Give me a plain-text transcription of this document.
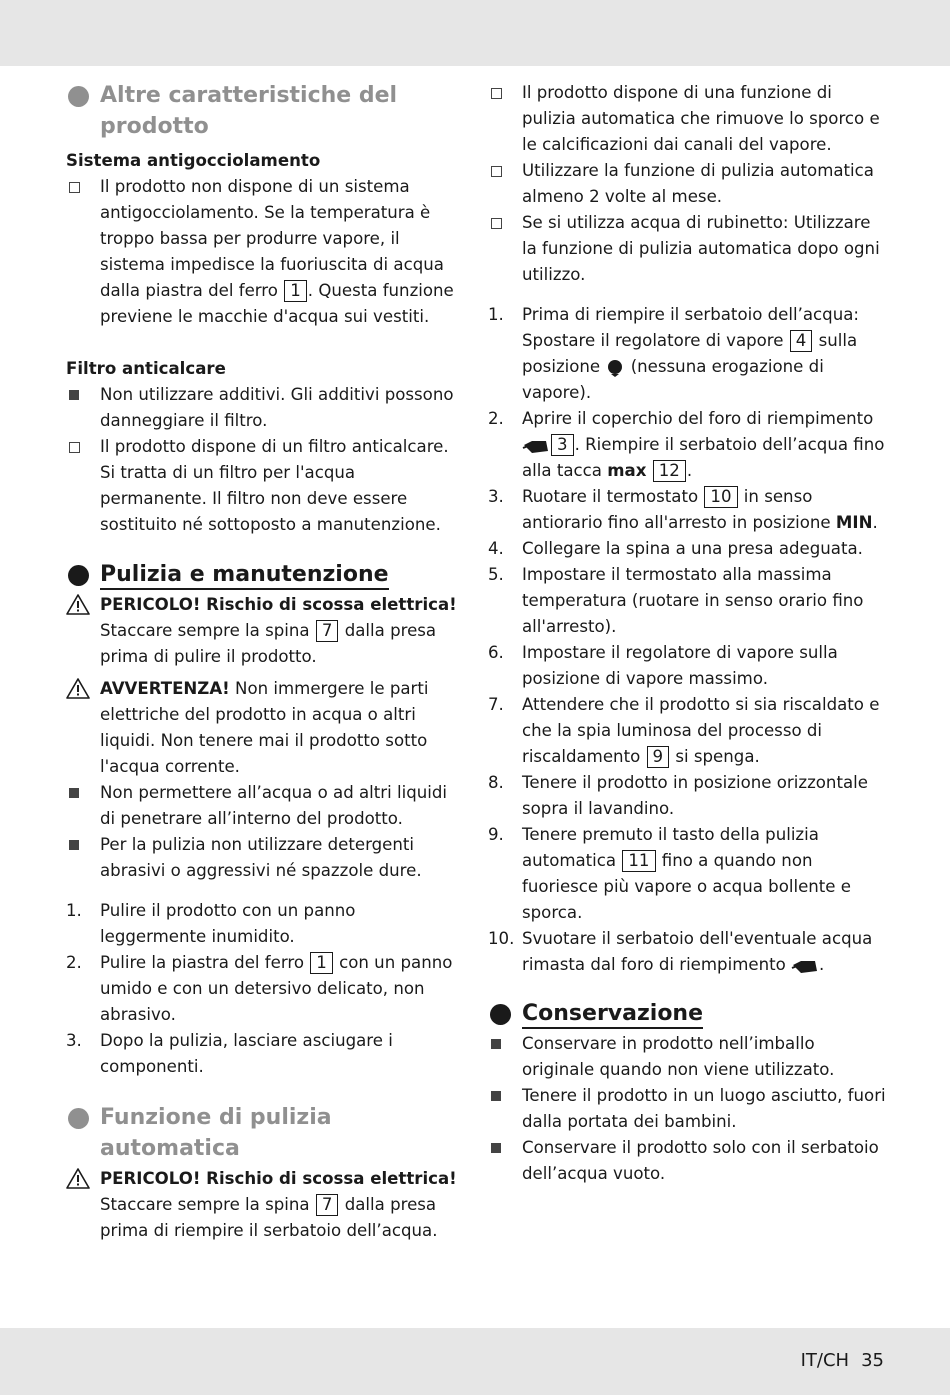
Altre caratteristiche del prodotto
Sistema antigocciolamento
Il prodotto non dispone di un sistema antigocciolamento. Se la temperatura è troppo bassa per produrre vapore, il sistema impedisce la fuoriuscita di acqua dalla piastra del ferro 1 . Questa funzione previene le macchie d'acqua sui vestiti.
Filtro anticalcare
Non utilizzare additivi. Gli additivi possono danneggiare il filtro.
Il prodotto dispone di un filtro anticalcare. Si tratta di un filtro per l'acqua permanente. Il filtro non deve essere sostituito né sottoposto a manutenzione.
Pulizia e manutenzione
PERICOLO! Rischio di scossa elettrica! Staccare sempre la spina 7 dalla presa prima di pulire il prodotto.
AVVERTENZA! Non immergere le parti elettriche del prodotto in acqua o altri liquidi. Non tenere mai il prodotto sotto l'acqua corrente.
Non permettere all’acqua o ad altri liquidi di penetrare all’interno del prodotto.
Per la pulizia non utilizzare detergenti abrasivi o aggressivi né spazzole dure.
1.	Pulire il prodotto con un panno leggermente inumidito.
2.	Pulire la piastra del ferro 1 con un panno umido e con un detersivo delicato, non abrasivo.
3.	Dopo la pulizia, lasciare asciugare i componenti.
Funzione di pulizia automatica
PERICOLO! Rischio di scossa elettrica! Staccare sempre la spina 7 dalla presa prima di riempire il serbatoio dell’acqua.
Il prodotto dispone di una funzione di pulizia automatica che rimuove lo sporco e le calcificazioni dai canali del vapore.
Utilizzare la funzione di pulizia automatica almeno 2 volte al mese.
Se si utilizza acqua di rubinetto: Utilizzare la funzione di pulizia automatica dopo ogni utilizzo.
1.	Prima di riempire il serbatoio dell’acqua: Spostare il regolatore di vapore 4 sulla posizione  (nessuna erogazione di vapore).
2.	Aprire il coperchio del foro di riempimento 3 . Riempire il serbatoio dell’acqua fino alla tacca max 12 .
3.	Ruotare il termostato 10 in senso antiorario fino all'arresto in posizione MIN.
4.	Collegare la spina a una presa adeguata.
5.	Impostare il termostato alla massima temperatura (ruotare in senso orario fino all'arresto).
6.	Impostare il regolatore di vapore sulla posizione di vapore massimo.
7.	Attendere che il prodotto si sia riscaldato e che la spia luminosa del processo di riscaldamento 9 si spenga.
8.	Tenere il prodotto in posizione orizzontale sopra il lavandino.
9.	Tenere premuto il tasto della pulizia automatica 11 fino a quando non fuoriesce più vapore o acqua bollente e sporca.
10. Svuotare il serbatoio dell'eventuale acqua rimasta dal foro di riempimento .
Conservazione
Conservare in prodotto nell’imballo originale quando non viene utilizzato.
Tenere il prodotto in un luogo asciutto, fuori dalla portata dei bambini.
Conservare il prodotto solo con il serbatoio dell’acqua vuoto.
IT/CH 35
